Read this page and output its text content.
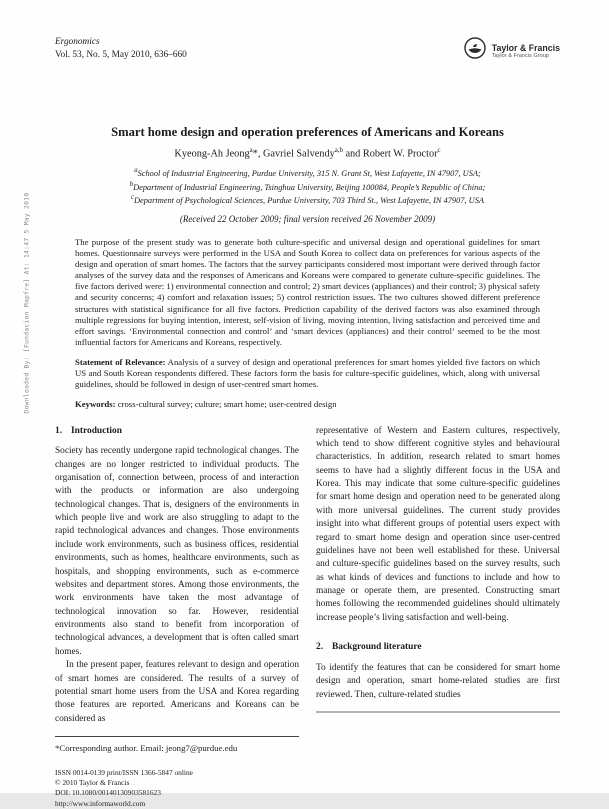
Downloaded By: [Fundacion Mapfre] At: 14:47 5 May 2010
Ergonomics
Vol. 53, No. 5, May 2010, 636–660
Taylor & Francis
Taylor & Francis Group
Smart home design and operation preferences of Americans and Koreans
Kyeong-Ah Jeong$^a$*, Gavriel Salvendy$^{a,b}$ and Robert W. Proctor$^c$
$^a$School of Industrial Engineering, Purdue University, 315 N. Grant St, West Lafayette, IN 47907, USA;
$^b$Department of Industrial Engineering, Tsinghua University, Beijing 100084, People’s Republic of China;
$^c$Department of Psychological Sciences, Purdue University, 703 Third St., West Lafayette, IN 47907, USA
(Received 22 October 2009; final version received 26 November 2009)

The purpose of the present study was to generate both culture-specific and universal design and operational guidelines for smart homes. Questionnaire surveys were performed in the USA and South Korea to collect data on preferences for various aspects of the design and operation of smart homes. The factors that the survey participants considered most important were derived through factor analyses of the survey data and the responses of Americans and Koreans were compared to generate culture-specific guidelines. The five factors derived were: 1) environmental connection and control; 2) smart devices (appliances) and their control; 3) physical safety and security concerns; 4) comfort and relaxation issues; 5) control restriction issues. The two cultures showed different preference structures with statistical significance for all five factors. Prediction capability of the derived factors was also examined through multiple regressions for buying intention, interest, self-vision of living, moving intention, living satisfaction and perceived time and effort savings. ‘Environmental connection and control’ and ‘smart devices (appliances) and their control’ seemed to be the most influential factors for Americans and Koreans, respectively.

Statement of Relevance: Analysis of a survey of design and operational preferences for smart homes yielded five factors on which US and South Korean respondents differed. These factors form the basis for culture-specific guidelines, which, along with universal guidelines, should be followed in design of user-centred smart homes.

Keywords: cross-cultural survey; culture; smart home; user-centred design

1. Introduction

Society has recently undergone rapid technological changes. The changes are no longer restricted to individual products. The organisation of, connection between, process of and interaction with the products or information are also undergoing technological changes. That is, designers of the environments in which people live and work are also struggling to adapt to the rapid technological advances and changes. Those environments include work environments, such as business offices, residential environments, such as homes, healthcare environments, such as hospitals, and shopping environments, such as e-commerce websites and department stores. Among those environments, the work environments have taken the most advantage of technological innovation so far. However, residential environments also stand to benefit from incorporation of technological advances, a development that is often called smart homes.

In the present paper, features relevant to design and operation of smart homes are considered. The results of a survey of potential smart home users from the USA and Korea regarding those features are reported. Americans and Koreans can be considered as

*Corresponding author. Email: jeong7@purdue.edu
ISSN 0014-0139 print/ISSN 1366-5847 online
© 2010 Taylor & Francis
DOI: 10.1080/00140130903581623
http://www.informaworld.com

representative of Western and Eastern cultures, respectively, which tend to show different cognitive styles and behavioural characteristics. In addition, research related to smart homes seems to have had a slightly different focus in the USA and Korea. This may indicate that some culture-specific guidelines for smart home design and operation need to be generated along with more universal guidelines. The current study provides insight into what different groups of potential users expect with regard to smart home design and operation since user-centred guidelines have not been well established for these. Universal and culture-specific guidelines based on the survey results, such as what kinds of devices and functions to include and how to manage or operate them, are presented. Constructing smart homes following the recommended guidelines should ultimately increase people’s living satisfaction and well-being.

2. Background literature

To identify the features that can be considered for smart home design and operation, smart home-related studies are first reviewed. Then, culture-related studies
